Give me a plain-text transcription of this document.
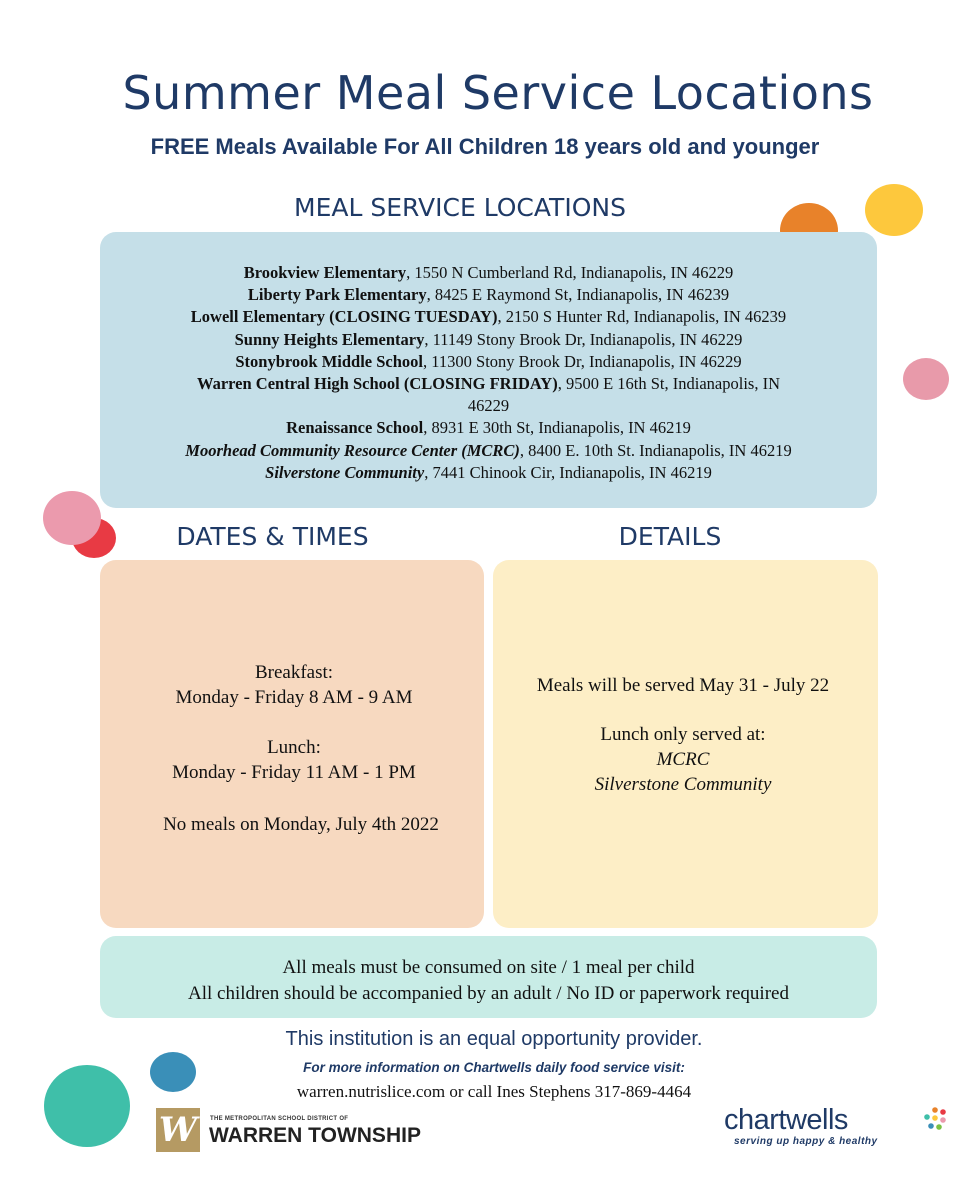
Summer Meal Service Locations
FREE Meals Available For All Children 18 years old and younger
MEAL SERVICE LOCATIONS
Brookview Elementary, 1550 N Cumberland Rd, Indianapolis, IN 46229
Liberty Park Elementary, 8425 E Raymond St, Indianapolis, IN 46239
Lowell Elementary (CLOSING TUESDAY), 2150 S Hunter Rd, Indianapolis, IN 46239
Sunny Heights Elementary, 11149 Stony Brook Dr, Indianapolis, IN 46229
Stonybrook Middle School, 11300 Stony Brook Dr, Indianapolis, IN 46229
Warren Central High School (CLOSING FRIDAY), 9500 E 16th St, Indianapolis, IN
46229
Renaissance School, 8931 E 30th St, Indianapolis, IN 46219
Moorhead Community Resource Center (MCRC), 8400 E. 10th St. Indianapolis, IN 46219
Silverstone Community, 7441 Chinook Cir, Indianapolis, IN 46219
DATES & TIMES	DETAILS
Breakfast:
Monday - Friday 8 AM - 9 AM
Lunch:
Monday - Friday 11 AM - 1 PM
No meals on Monday, July 4th 2022
Meals will be served May 31 - July 22
Lunch only served at:
MCRC
Silverstone Community
All meals must be consumed on site / 1 meal per child
All children should be accompanied by an adult / No ID or paperwork required
This institution is an equal opportunity provider.
For more information on Chartwells daily food service visit:
warren.nutrislice.com or call Ines Stephens 317-869-4464
W	THE METROPOLITAN SCHOOL DISTRICT OF
WARREN TOWNSHIP	chartwells
serving up happy & healthy
